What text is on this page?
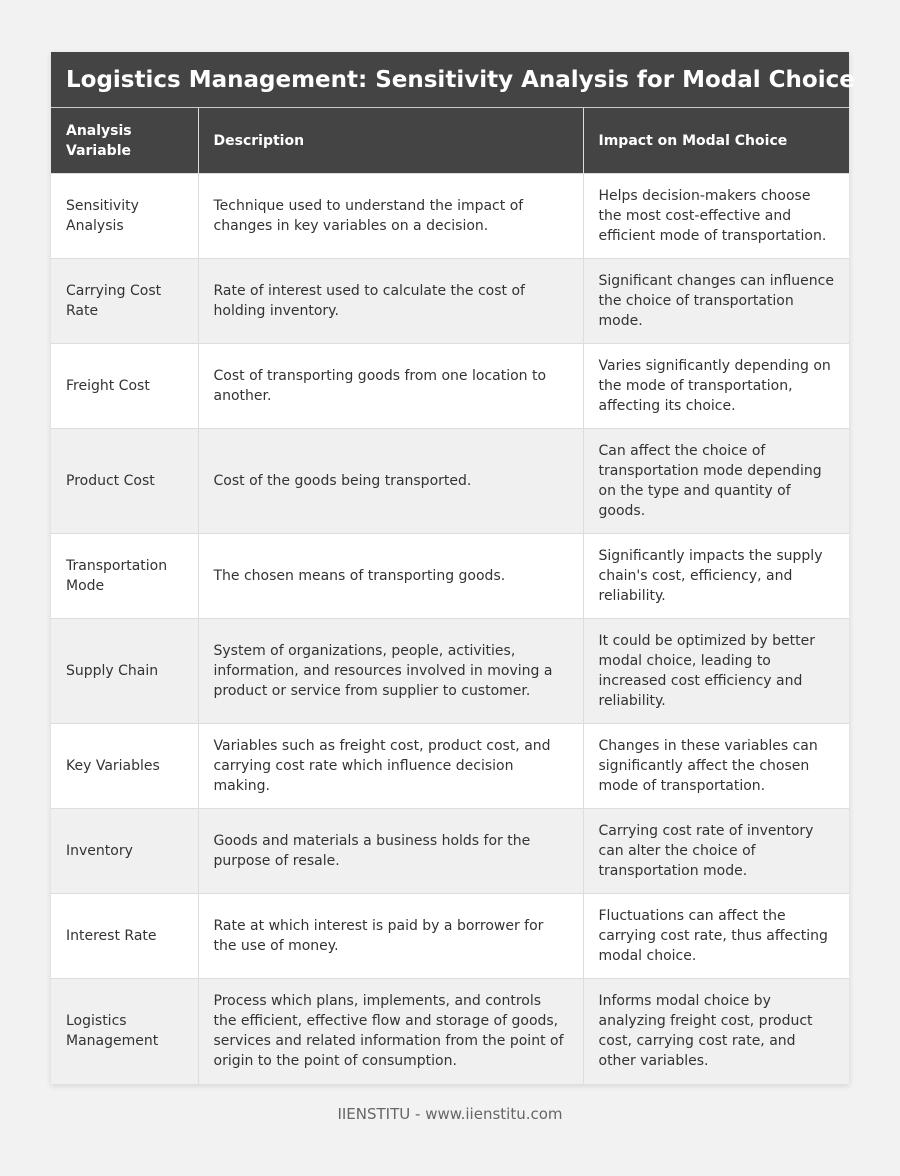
Logistics Management: Sensitivity Analysis for Modal Choice
Analysis Variable	Description	Impact on Modal Choice
Sensitivity Analysis	Technique used to understand the impact of changes in key variables on a decision.	Helps decision-makers choose the most cost-effective and efficient mode of transportation.
Carrying Cost Rate	Rate of interest used to calculate the cost of holding inventory.	Significant changes can influence the choice of transportation mode.
Freight Cost	Cost of transporting goods from one location to another.	Varies significantly depending on the mode of transportation, affecting its choice.
Product Cost	Cost of the goods being transported.	Can affect the choice of transportation mode depending on the type and quantity of goods.
Transportation Mode	The chosen means of transporting goods.	Significantly impacts the supply chain's cost, efficiency, and reliability.
Supply Chain	System of organizations, people, activities, information, and resources involved in moving a product or service from supplier to customer.	It could be optimized by better modal choice, leading to increased cost efficiency and reliability.
Key Variables	Variables such as freight cost, product cost, and carrying cost rate which influence decision making.	Changes in these variables can significantly affect the chosen mode of transportation.
Inventory	Goods and materials a business holds for the purpose of resale.	Carrying cost rate of inventory can alter the choice of transportation mode.
Interest Rate	Rate at which interest is paid by a borrower for the use of money.	Fluctuations can affect the carrying cost rate, thus affecting modal choice.
Logistics Management	Process which plans, implements, and controls the efficient, effective flow and storage of goods, services and related information from the point of origin to the point of consumption.	Informs modal choice by analyzing freight cost, product cost, carrying cost rate, and other variables.
IIENSTITU - www.iienstitu.com
